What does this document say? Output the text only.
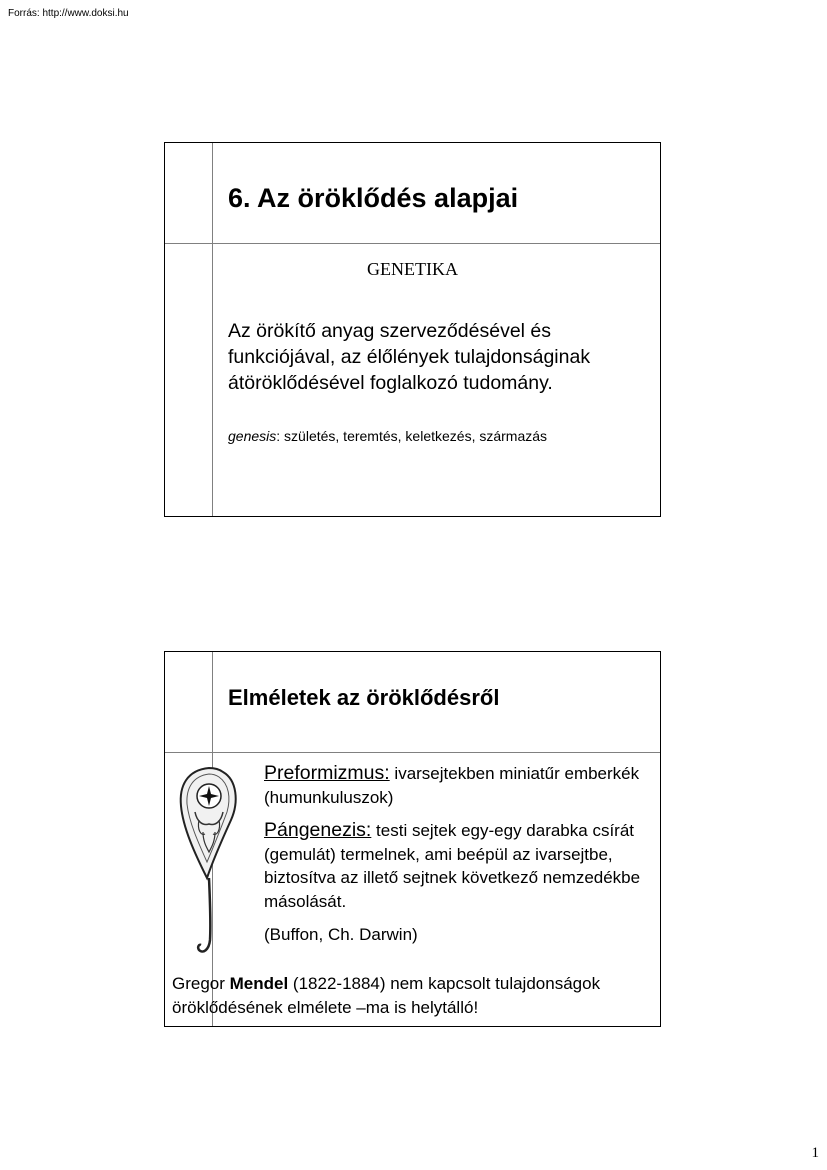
Forrás: http://www.doksi.hu
6. Az öröklődés alapjai
GENETIKA
Az örökítő anyag szerveződésével és funkciójával, az élőlények tulajdonságinak átöröklődésével foglalkozó tudomány.
genesis: születés, teremtés, keletkezés, származás
Elméletek az öröklődésről
Preformizmus: ivarsejtekben miniatűr emberkék (humunkuluszok)
Pángenezis: testi sejtek egy-egy darabka csírát (gemulát) termelnek, ami beépül az ivarsejtbe, biztosítva az illető sejtnek következő nemzedékbe másolását.
(Buffon, Ch. Darwin)
Gregor Mendel (1822-1884) nem kapcsolt tulajdonságok öröklődésének elmélete –ma is helytálló!
1
